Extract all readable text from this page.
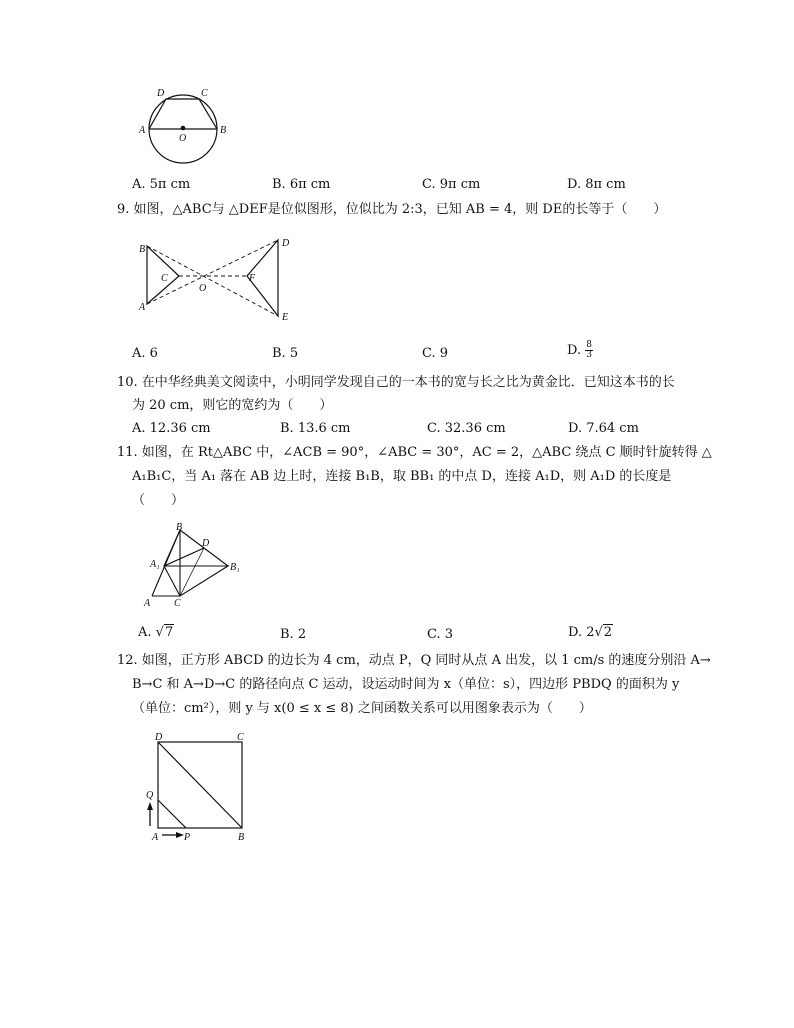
A	B
D	C
O
A. 5π cm	B. 6π cm	C. 9π cm	D. 8π cm
9. 如图，△ABC与 △DEF是位似图形，位似比为 2:3，已知 AB = 4，则 DE的长等于（　　）
B
A
C
O
F
D
E
A. 6	B. 5	C. 9	D. $\frac{8}{3}$
10. 在中华经典美文阅读中，小明同学发现自己的一本书的宽与长之比为黄金比．已知这本书的长
为 20 cm，则它的宽约为（　　）
A. 12.36 cm	B. 13.6 cm	C. 32.36 cm	D. 7.64 cm
11. 如图，在 Rt△ABC 中，∠ACB = 90°，∠ABC = 30°，AC = 2，△ABC 绕点 C 顺时针旋转得 △
A₁B₁C，当 A₁ 落在 AB 边上时，连接 B₁B，取 BB₁ 的中点 D，连接 A₁D，则 A₁D 的长度是
（　　）
B
D
A₁	B₁
A C
A. √7	B. 2	C. 3	D. 2√2
12. 如图，正方形 ABCD 的边长为 4 cm，动点 P，Q 同时从点 A 出发，以 1 cm/s 的速度分别沿 A→
B→C 和 A→D→C 的路径向点 C 运动，设运动时间为 x（单位：s），四边形 PBDQ 的面积为 y
（单位：cm²），则 y 与 x(0 ≤ x ≤ 8) 之间函数关系可以用图象表示为（　　）
D	C
Q
A	P	B
